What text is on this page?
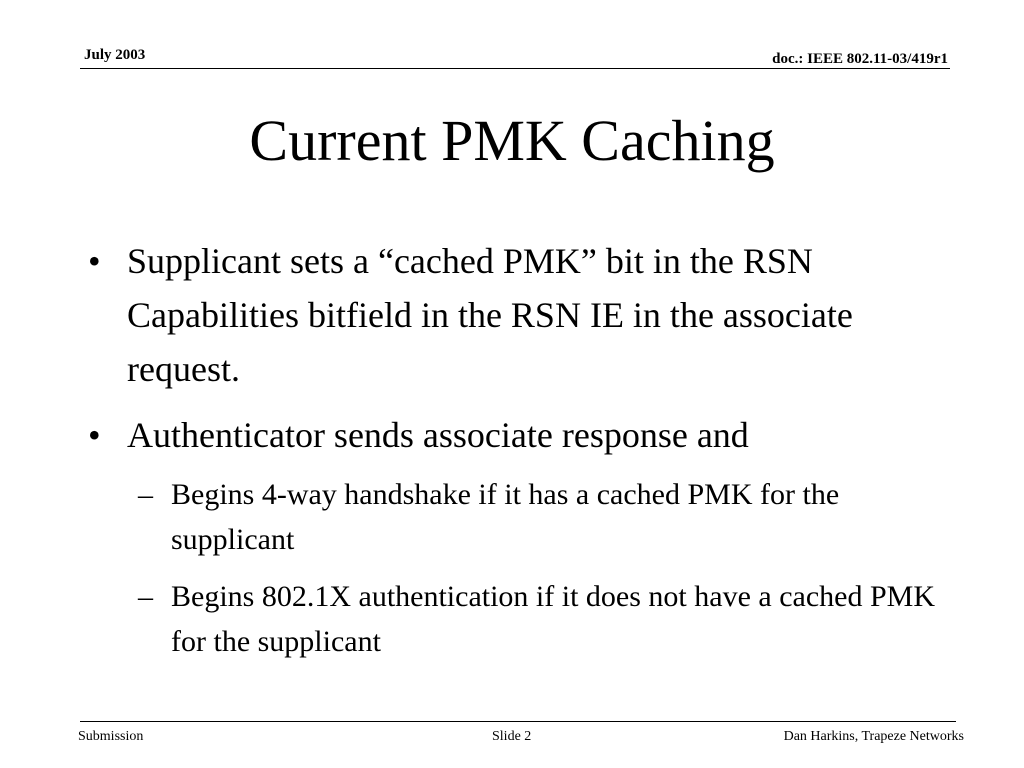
July 2003	doc.: IEEE 802.11-03/419r1
Current PMK Caching
• Supplicant sets a “cached PMK” bit in the RSN Capabilities bitfield in the RSN IE in the associate request.
• Authenticator sends associate response and
– Begins 4-way handshake if it has a cached PMK for the supplicant
– Begins 802.1X authentication if it does not have a cached PMK for the supplicant
Submission	Slide 2	Dan Harkins, Trapeze Networks
